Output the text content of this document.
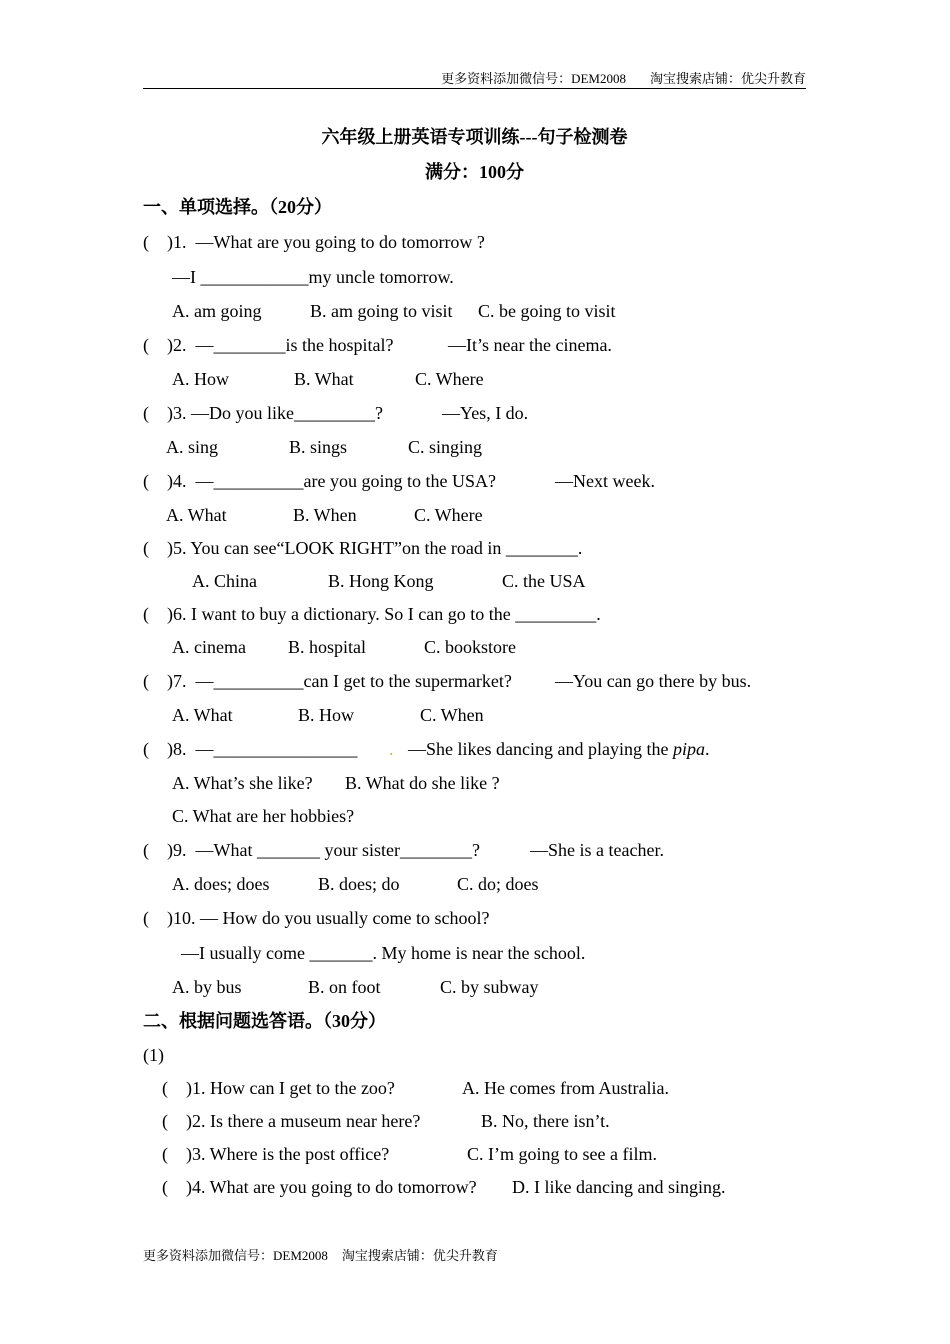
更多资料添加微信号：DEM2008 淘宝搜索店铺：优尖升教育
六年级上册英语专项训练---句子检测卷
满分：100分
一、单项选择。（20分）
(    )1.  —What are you going to do tomorrow ?
—I ____________my uncle tomorrow.
A. am going	B. am going to visit C. be going to visit
(    )2.  —________is the hospital?	—It’s near the cinema.
A. How	B. What	C. Where
(    )3. —Do you like_________?	—Yes, I do.
A. sing	B. sings	C. singing
(    )4.  —__________are you going to the USA?	—Next week.
A. What	B. When	C. Where
(    )5. You can see“LOOK RIGHT”on the road in ________.
A. China	B. Hong Kong	C. the USA
(    )6. I want to buy a dictionary. So I can go to the _________.
A. cinema B. hospital	C. bookstore
(    )7.  —__________can I get to the supermarket? —You can go there by bus.
A. What	B. How	C. When
(    )8.  —________________ . —She likes dancing and playing the pipa.
A. What’s she like? B. What do she like ?
C. What are her hobbies?
(    )9.  —What _______ your sister________?	—She is a teacher.
A. does; does	B. does; do	C. do; does
(    )10. — How do you usually come to school?
—I usually come _______. My home is near the school.
A. by bus	B. on foot	C. by subway
二、根据问题选答语。（30分）
(1)
(    )1. How can I get to the zoo?	A. He comes from Australia.
(    )2. Is there a museum near here?	B. No, there isn’t.
(    )3. Where is the post office?	C. I’m going to see a film.
(    )4. What are you going to do tomorrow? D. I like dancing and singing.
更多资料添加微信号：DEM2008 淘宝搜索店铺：优尖升教育
